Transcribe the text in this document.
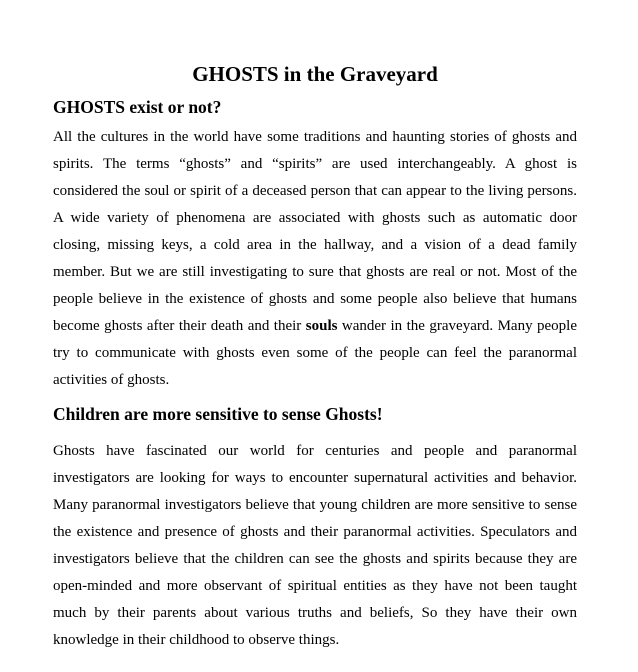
GHOSTS in the Graveyard
GHOSTS exist or not?

All the cultures in the world have some traditions and haunting stories of ghosts and spirits. The terms “ghosts” and “spirits” are used interchangeably. A ghost is considered the soul or spirit of a deceased person that can appear to the living persons. A wide variety of phenomena are associated with ghosts such as automatic door closing, missing keys, a cold area in the hallway, and a vision of a dead family member. But we are still investigating to sure that ghosts are real or not. Most of the people believe in the existence of ghosts and some people also believe that humans become ghosts after their death and their souls wander in the graveyard. Many people try to communicate with ghosts even some of the people can feel the paranormal activities of ghosts.

Children are more sensitive to sense Ghosts!

Ghosts have fascinated our world for centuries and people and paranormal investigators are looking for ways to encounter supernatural activities and behavior. Many paranormal investigators believe that young children are more sensitive to sense the existence and presence of ghosts and their paranormal activities. Speculators and investigators believe that the children can see the ghosts and spirits because they are open-minded and more observant of spiritual entities as they have not been taught much by their parents about various truths and beliefs, So they have their own knowledge in their childhood to observe things.
